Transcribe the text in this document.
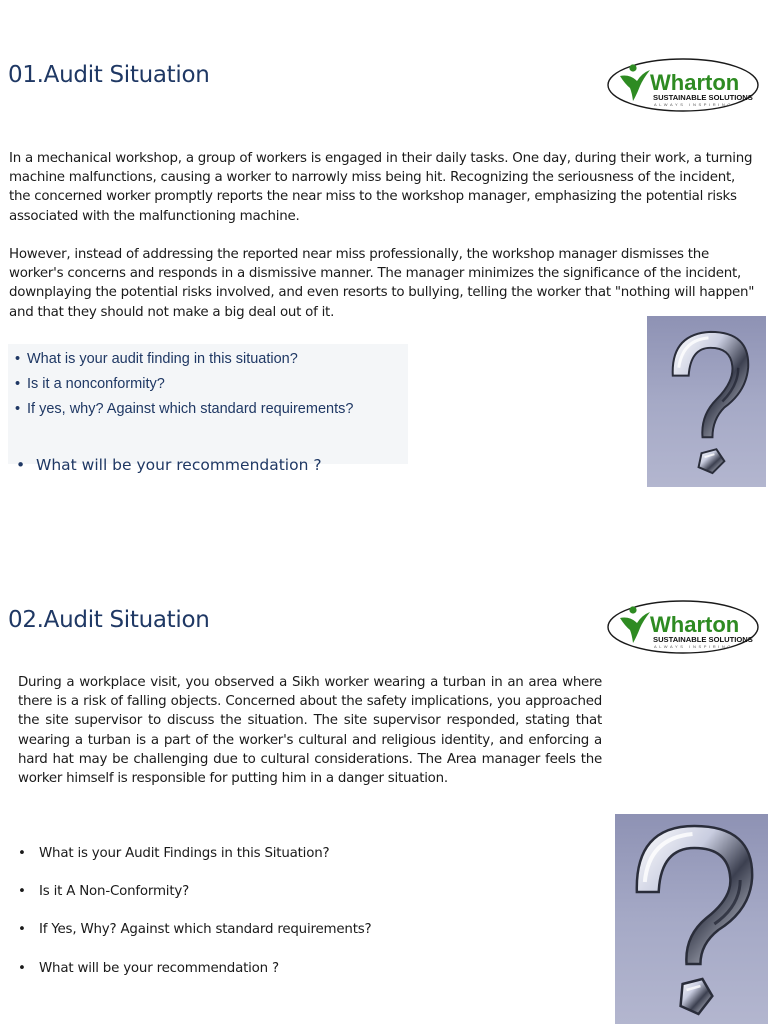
01.Audit Situation	Wharton
SUSTAINABLE SOLUTIONS
ALWAYS INSPIRING

In a mechanical workshop, a group of workers is engaged in their daily tasks. One day, during their work, a turning machine malfunctions, causing a worker to narrowly miss being hit. Recognizing the seriousness of the incident, the concerned worker promptly reports the near miss to the workshop manager, emphasizing the potential risks associated with the malfunctioning machine.

However, instead of addressing the reported near miss professionally, the workshop manager dismisses the worker's concerns and responds in a dismissive manner. The manager minimizes the significance of the incident, downplaying the potential risks involved, and even resorts to bullying, telling the worker that "nothing will happen" and that they should not make a big deal out of it.

• What is your audit finding in this situation?
• Is it a nonconformity?
• If yes, why? Against which standard requirements?
• What will be your recommendation ?
02.Audit Situation	Wharton
SUSTAINABLE SOLUTIONS
ALWAYS INSPIRING

During a workplace visit, you observed a Sikh worker wearing a turban in an area where there is a risk of falling objects. Concerned about the safety implications, you approached the site supervisor to discuss the situation. The site supervisor responded, stating that wearing a turban is a part of the worker's cultural and religious identity, and enforcing a hard hat may be challenging due to cultural considerations. The Area manager feels the worker himself is responsible for putting him in a danger situation.

• What is your Audit Findings in this Situation?
• Is it A Non-Conformity?
• If Yes, Why? Against which standard requirements?
• What will be your recommendation ?
